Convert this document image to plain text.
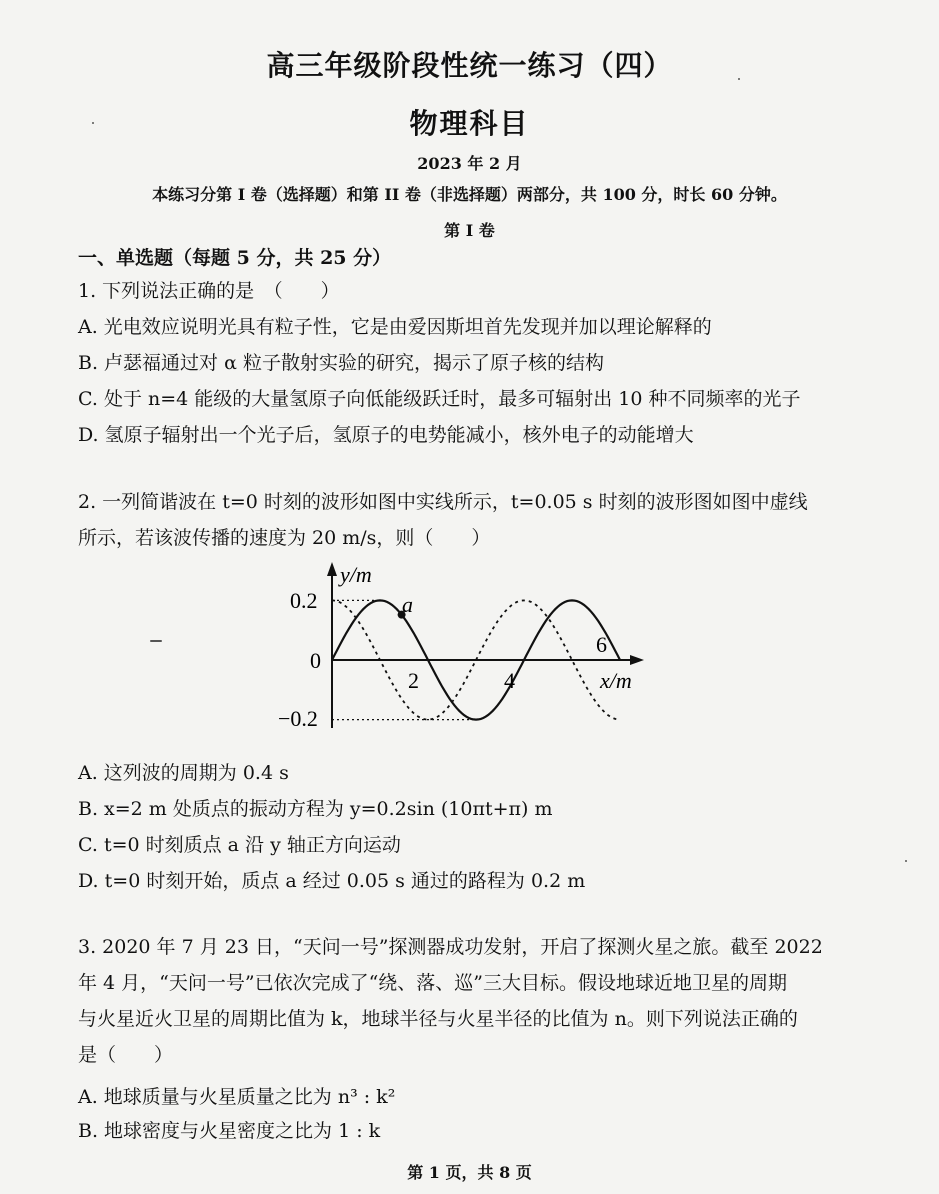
高三年级阶段性统一练习（四）
物理科目
2023 年 2 月
本练习分第 I 卷（选择题）和第 II 卷（非选择题）两部分，共 100 分，时长 60 分钟。
第 I 卷
一、单选题（每题 5 分，共 25 分）
1. 下列说法正确的是　（　　）
A. 光电效应说明光具有粒子性，它是由爱因斯坦首先发现并加以理论解释的
B. 卢瑟福通过对 α 粒子散射实验的研究，揭示了原子核的结构
C. 处于 n=4 能级的大量氢原子向低能级跃迁时，最多可辐射出 10 种不同频率的光子
D. 氢原子辐射出一个光子后，氢原子的电势能减小，核外电子的动能增大
2. 一列简谐波在 t=0 时刻的波形如图中实线所示，t=0.05 s 时刻的波形图如图中虚线
所示，若该波传播的速度为 20 m/s，则（　　）
y/m
x/m
0.2
0
−0.2
2	4
6
a
A. 这列波的周期为 0.4 s
B. x=2 m 处质点的振动方程为 y=0.2sin (10πt+π) m
C. t=0 时刻质点 a 沿 y 轴正方向运动
D. t=0 时刻开始，质点 a 经过 0.05 s 通过的路程为 0.2 m
3. 2020 年 7 月 23 日，“天问一号”探测器成功发射，开启了探测火星之旅。截至 2022
年 4 月，“天问一号”已依次完成了“绕、落、巡”三大目标。假设地球近地卫星的周期
与火星近火卫星的周期比值为 k，地球半径与火星半径的比值为 n。则下列说法正确的
是（　　）
A. 地球质量与火星质量之比为 n³ : k²
B. 地球密度与火星密度之比为 1 : k
第 1 页，共 8 页
